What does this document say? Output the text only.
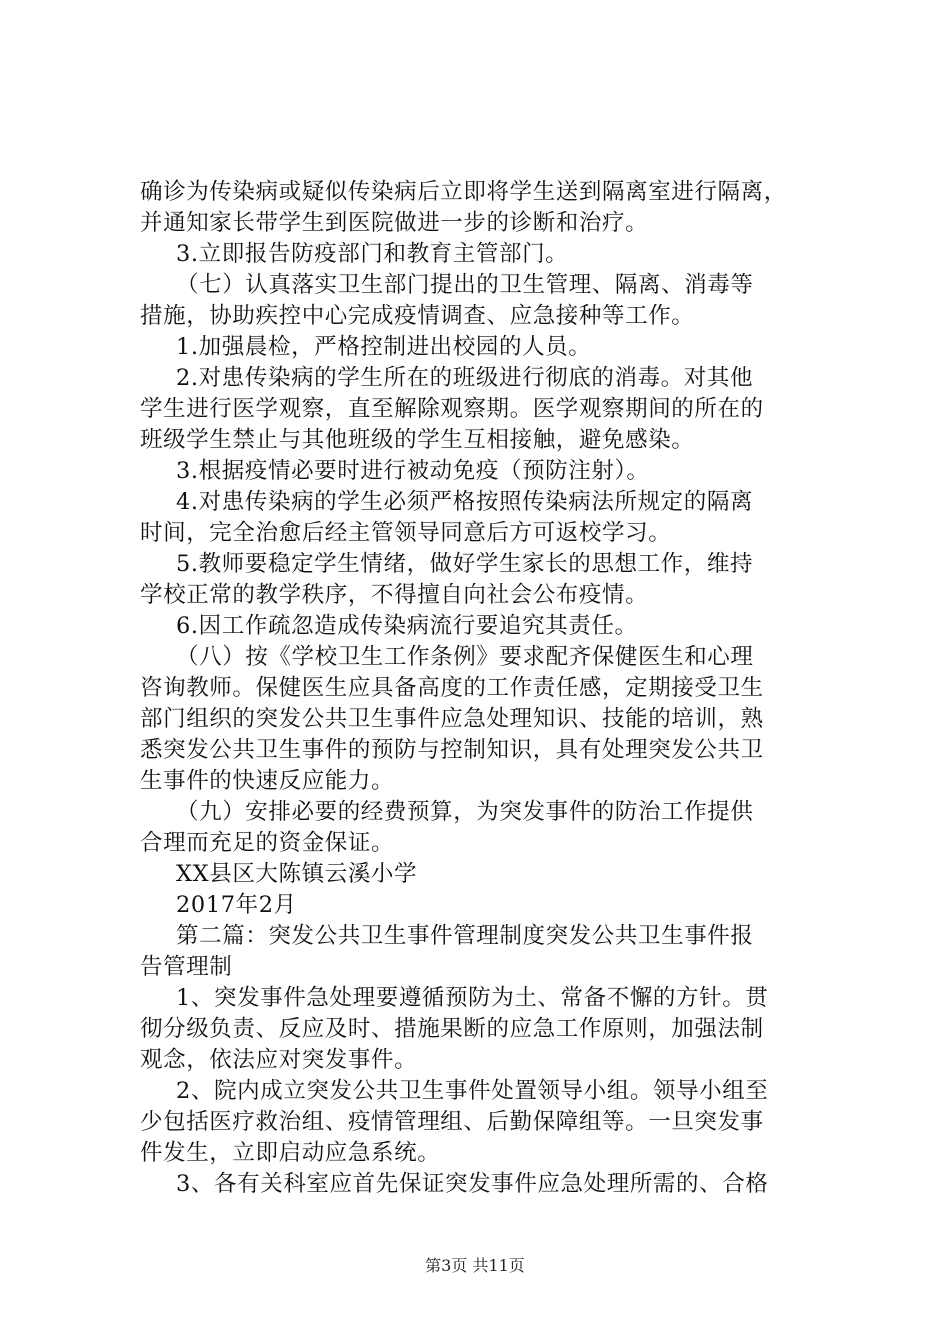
确诊为传染病或疑似传染病后立即将学生送到隔离室进行隔离，
并通知家长带学生到医院做进一步的诊断和治疗。
3.立即报告防疫部门和教育主管部门。
（七）认真落实卫生部门提出的卫生管理、隔离、消毒等
措施，协助疾控中心完成疫情调查、应急接种等工作。
1.加强晨检，严格控制进出校园的人员。
2.对患传染病的学生所在的班级进行彻底的消毒。对其他
学生进行医学观察，直至解除观察期。医学观察期间的所在的
班级学生禁止与其他班级的学生互相接触，避免感染。
3.根据疫情必要时进行被动免疫（预防注射）。
4.对患传染病的学生必须严格按照传染病法所规定的隔离
时间，完全治愈后经主管领导同意后方可返校学习。
5.教师要稳定学生情绪，做好学生家长的思想工作，维持
学校正常的教学秩序，不得擅自向社会公布疫情。
6.因工作疏忽造成传染病流行要追究其责任。
（八）按《学校卫生工作条例》要求配齐保健医生和心理
咨询教师。保健医生应具备高度的工作责任感，定期接受卫生
部门组织的突发公共卫生事件应急处理知识、技能的培训，熟
悉突发公共卫生事件的预防与控制知识，具有处理突发公共卫
生事件的快速反应能力。
（九）安排必要的经费预算，为突发事件的防治工作提供
合理而充足的资金保证。
XX县区大陈镇云溪小学
2017年2月
第二篇：突发公共卫生事件管理制度突发公共卫生事件报
告管理制
1、突发事件急处理要遵循预防为土、常备不懈的方针。贯
彻分级负责、反应及时、措施果断的应急工作原则，加强法制
观念，依法应对突发事件。
2、院内成立突发公共卫生事件处置领导小组。领导小组至
少包括医疗救治组、疫情管理组、后勤保障组等。一旦突发事
件发生，立即启动应急系统。
3、各有关科室应首先保证突发事件应急处理所需的、合格
第3页 共11页
